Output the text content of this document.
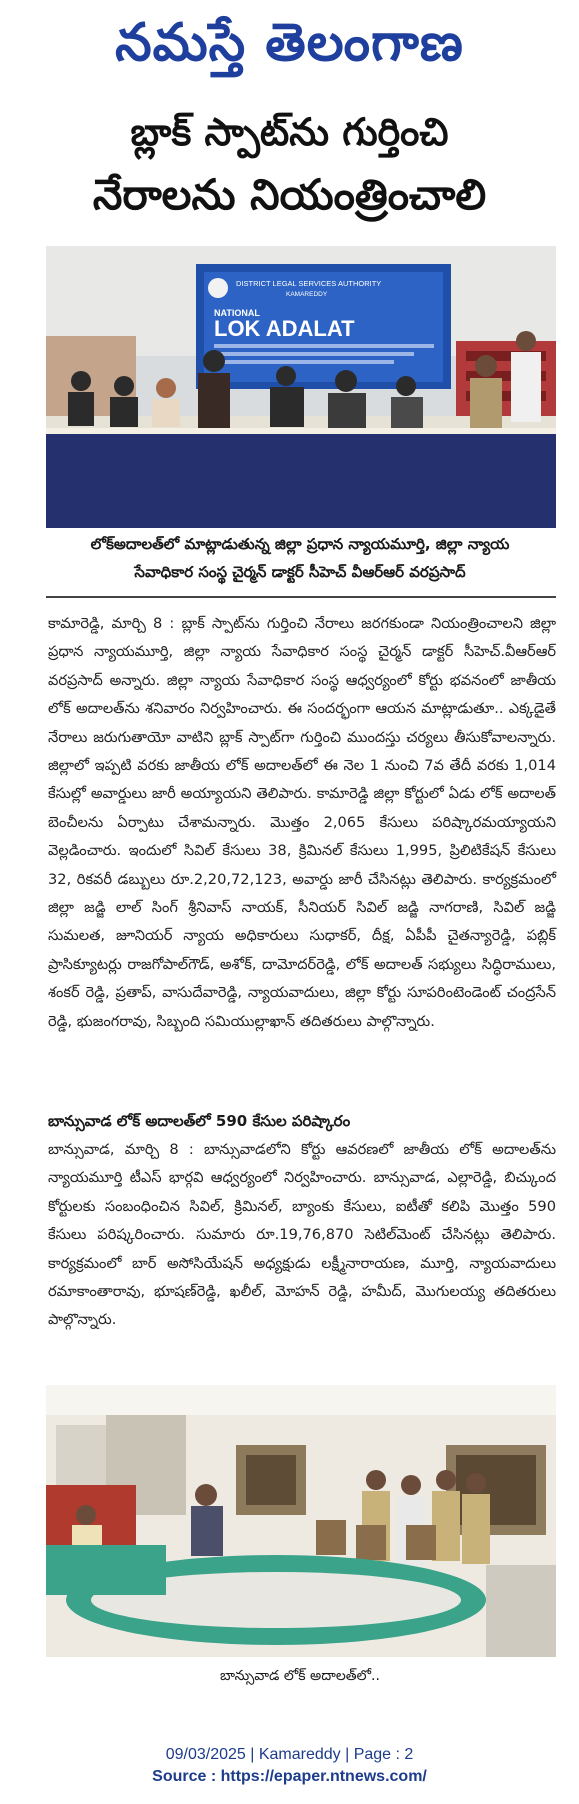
నమస్తే తెలంగాణ
బ్లాక్ స్పాట్‌ను గుర్తించి
నేరాలను నియంత్రించాలి
DISTRICT LEGAL SERVICES AUTHORITY
KAMAREDDY
NATIONAL
LOK ADALAT
లోక్‌అదాలత్‌లో మాట్లాడుతున్న జిల్లా ప్రధాన న్యాయమూర్తి, జిల్లా న్యాయ సేవాధికార సంస్థ చైర్మన్ డాక్టర్ సీహెచ్ వీఆర్‌ఆర్ వరప్రసాద్
కామారెడ్డి, మార్చి 8 : బ్లాక్ స్పాట్‌ను గుర్తించి నేరాలు జరగకుండా నియంత్రించాలని జిల్లా ప్రధాన న్యాయమూర్తి, జిల్లా న్యాయ సేవాధికార సంస్థ చైర్మన్ డాక్టర్ సీహెచ్.వీఆర్‌ఆర్ వరప్రసాద్ అన్నారు. జిల్లా న్యాయ సేవాధికార సంస్థ ఆధ్వర్యంలో కోర్టు భవనంలో జాతీయ లోక్ అదాలత్‌ను శనివారం నిర్వహించారు. ఈ సందర్భంగా ఆయన మాట్లాడుతూ.. ఎక్కడైతే నేరాలు జరుగుతాయో వాటిని బ్లాక్ స్పాట్‌గా గుర్తించి ముందస్తు చర్యలు తీసుకోవాలన్నారు. జిల్లాలో ఇప్పటి వరకు జాతీయ లోక్ అదాలత్‌లో ఈ నెల 1 నుంచి 7వ తేదీ వరకు 1,014 కేసుల్లో అవార్డులు జారీ అయ్యాయని తెలిపారు. కామారెడ్డి జిల్లా కోర్టులో ఏడు లోక్ అదాలత్ బెంచీలను ఏర్పాటు చేశామన్నారు. మొత్తం 2,065 కేసులు పరిష్కారమయ్యాయని వెల్లడించారు. ఇందులో సివిల్ కేసులు 38, క్రిమినల్ కేసులు 1,995, ప్రిలిటికేషన్ కేసులు 32, రికవరీ డబ్బులు రూ.2,20,72,123, అవార్డు జారీ చేసినట్లు తెలిపారు. కార్యక్రమంలో జిల్లా జడ్జి లాల్ సింగ్ శ్రీనివాస్ నాయక్, సీనియర్ సివిల్ జడ్జి నాగరాణి, సివిల్ జడ్జి సుమలత, జూనియర్ న్యాయ అధికారులు సుధాకర్, దీక్ష, ఏపీపీ చైతన్యారెడ్డి, పబ్లిక్ ప్రాసిక్యూటర్లు రాజగోపాల్‌గౌడ్, అశోక్, దామోదర్‌రెడ్డి, లోక్ అదాలత్ సభ్యులు సిద్ధిరాములు, శంకర్ రెడ్డి, ప్రతాప్, వాసుదేవారెడ్డి, న్యాయవాదులు, జిల్లా కోర్టు సూపరింటెండెంట్ చంద్రసేన్ రెడ్డి, భుజంగరావు, సిబ్బంది సమియుల్లాఖాన్ తదితరులు పాల్గొన్నారు.
బాన్సువాడ లోక్ అదాలత్‌లో 590 కేసుల పరిష్కారం
బాన్సువాడ, మార్చి 8 : బాన్సువాడలోని కోర్టు ఆవరణలో జాతీయ లోక్ అదాలత్‌ను న్యాయమూర్తి టీఎస్ భార్గవి ఆధ్వర్యంలో నిర్వహించారు. బాన్సువాడ, ఎల్లారెడ్డి, బిచ్కుంద కోర్టులకు సంబంధించిన సివిల్, క్రిమినల్, బ్యాంకు కేసులు, ఐటీతో కలిపి మొత్తం 590 కేసులు పరిష్కరించారు. సుమారు రూ.19,76,870 సెటిల్‌మెంట్ చేసినట్లు తెలిపారు. కార్యక్రమంలో బార్ అసోసియేషన్ అధ్యక్షుడు లక్ష్మీనారాయణ, మూర్తి, న్యాయవాదులు రమాకాంతారావు, భూషణ్‌రెడ్డి, ఖలీల్, మోహన్ రెడ్డి, హమీద్, మొగులయ్య తదితరులు పాల్గొన్నారు.
బాన్సువాడ లోక్ అదాలత్‌లో..
09/03/2025 | Kamareddy | Page : 2
Source : https://epaper.ntnews.com/
